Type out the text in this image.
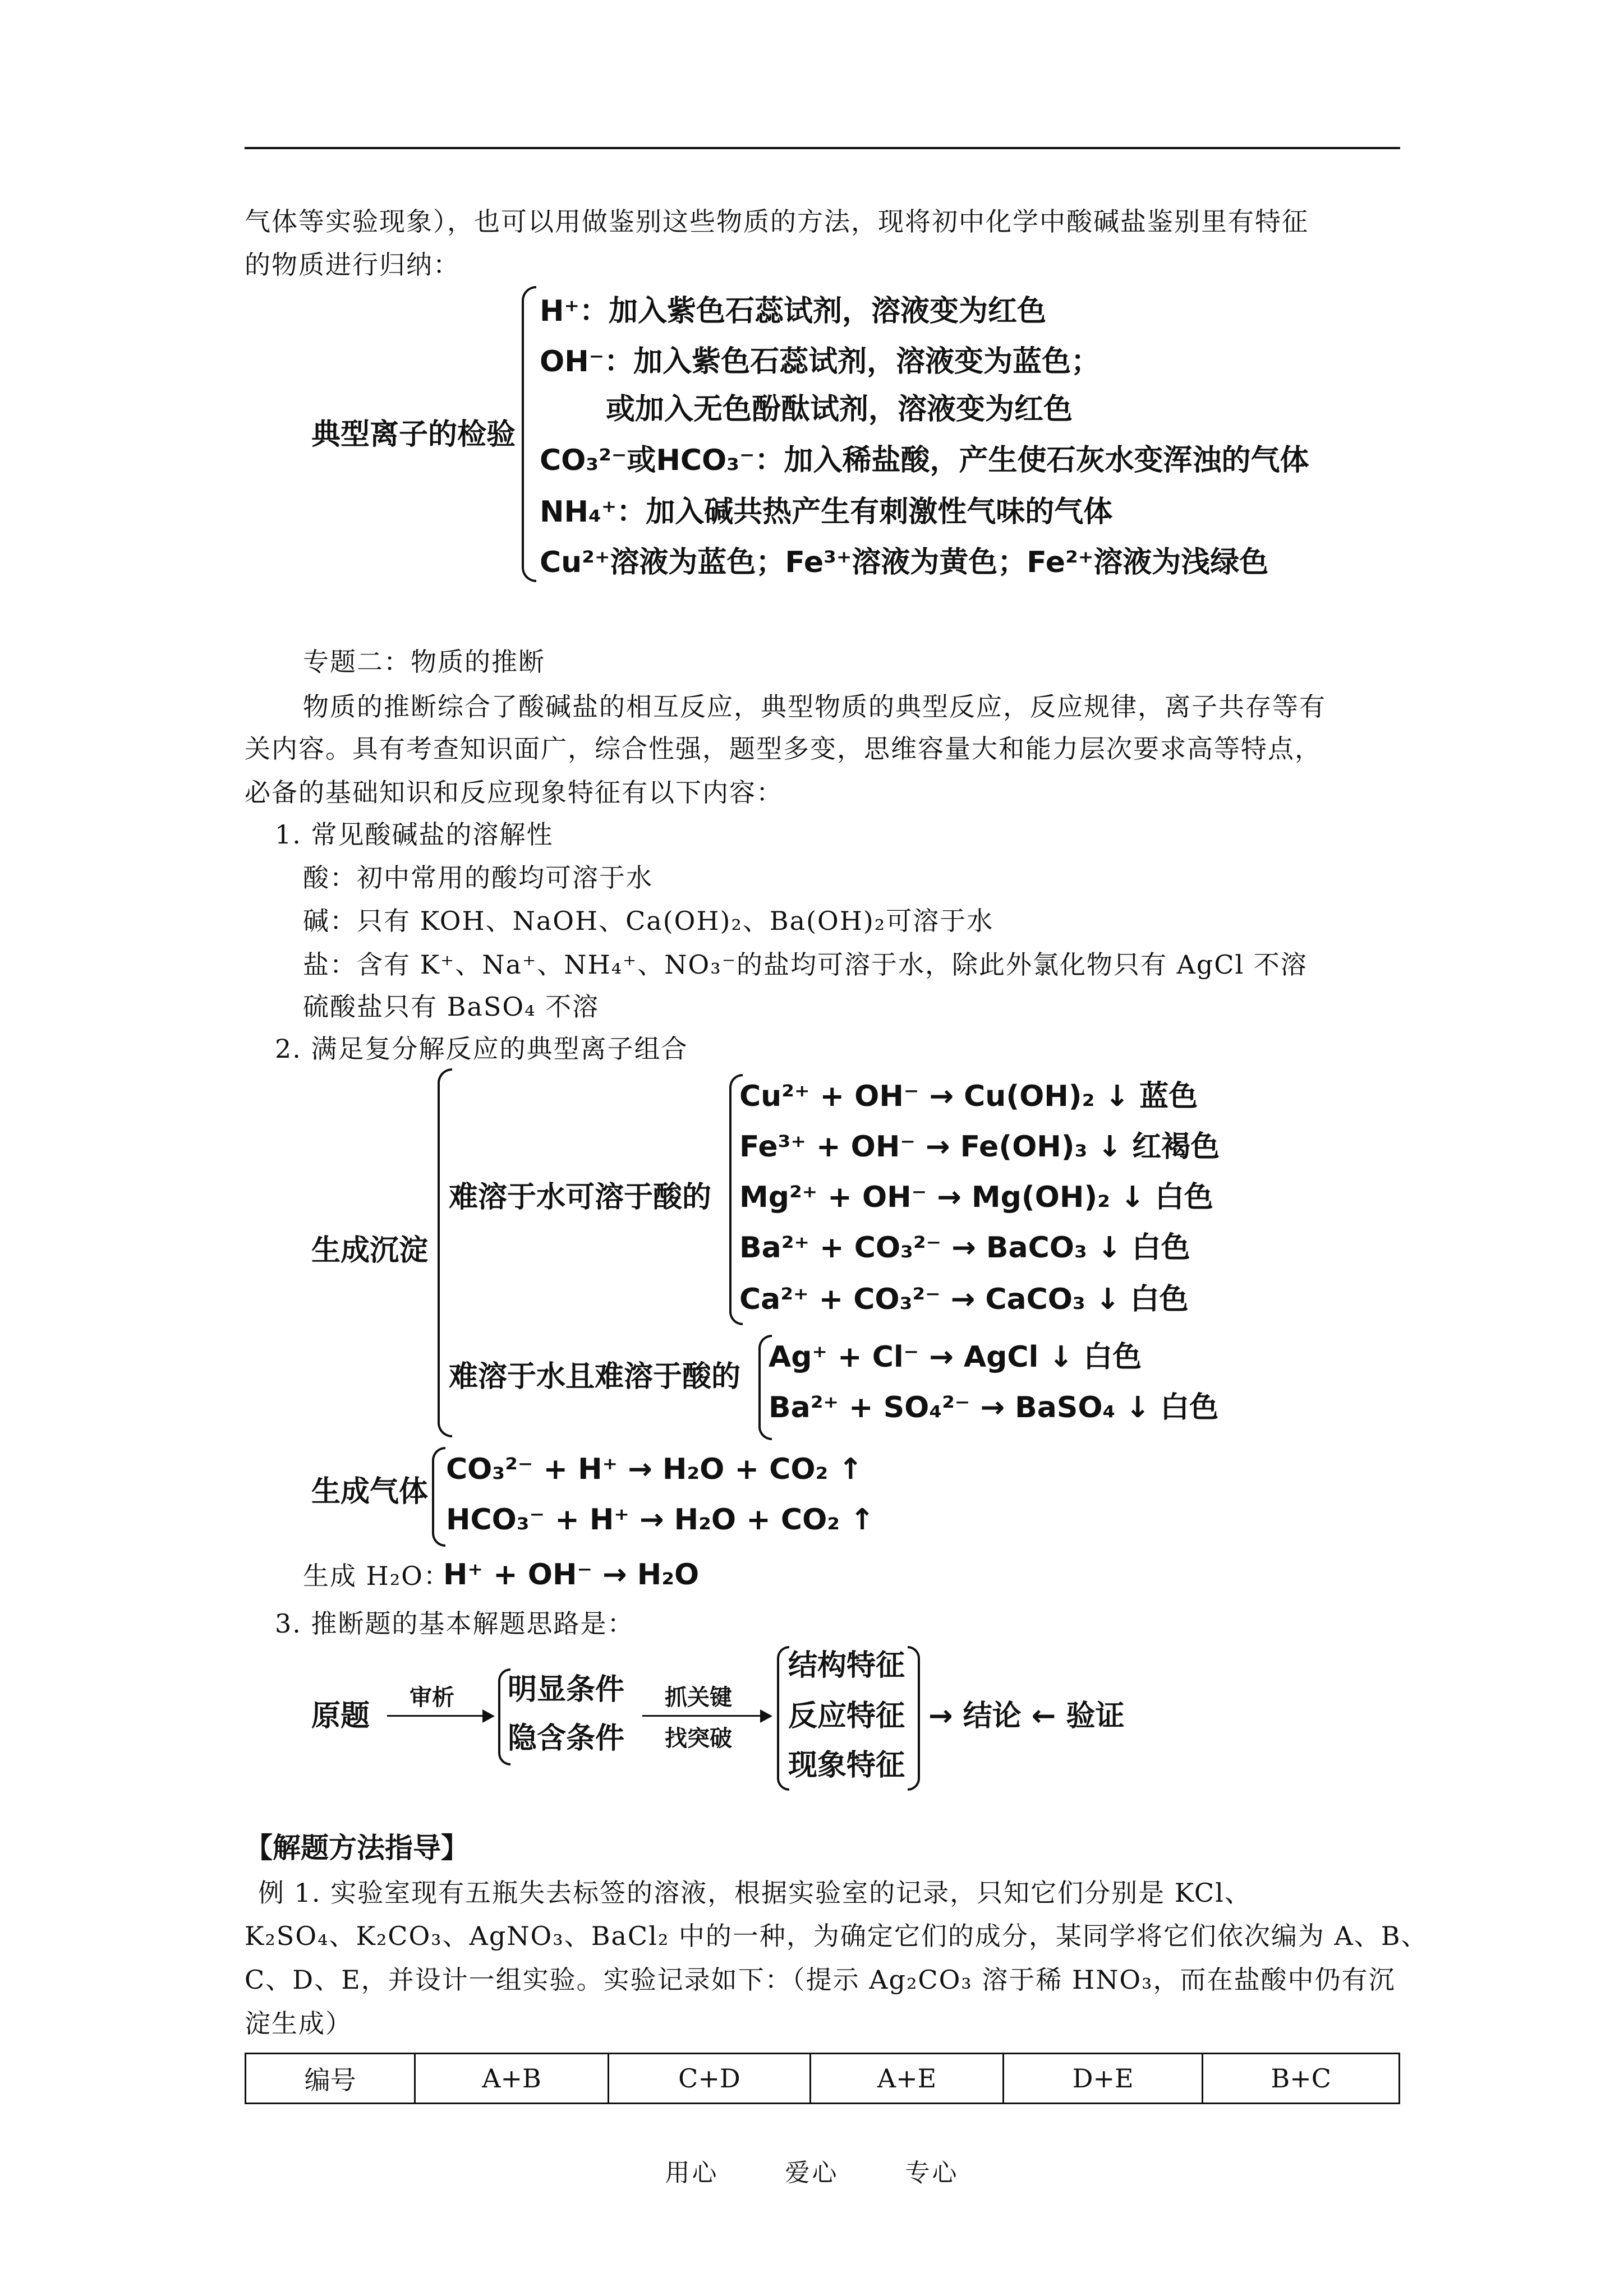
气体等实验现象），也可以用做鉴别这些物质的方法，现将初中化学中酸碱盐鉴别里有特征
的物质进行归纳：
典型离子的检验
H⁺：加入紫色石蕊试剂，溶液变为红色
OH⁻：加入紫色石蕊试剂，溶液变为蓝色；
或加入无色酚酞试剂，溶液变为红色
CO₃²⁻或HCO₃⁻：加入稀盐酸，产生使石灰水变浑浊的气体
NH₄⁺：加入碱共热产生有刺激性气味的气体
Cu²⁺溶液为蓝色；Fe³⁺溶液为黄色；Fe²⁺溶液为浅绿色
专题二：物质的推断
物质的推断综合了酸碱盐的相互反应，典型物质的典型反应，反应规律，离子共存等有
关内容。具有考查知识面广，综合性强，题型多变，思维容量大和能力层次要求高等特点，
必备的基础知识和反应现象特征有以下内容：
1. 常见酸碱盐的溶解性
酸：初中常用的酸均可溶于水
碱：只有 KOH、NaOH、Ca(OH)₂、Ba(OH)₂可溶于水
盐：含有 K⁺、Na⁺、NH₄⁺、NO₃⁻的盐均可溶于水，除此外氯化物只有 AgCl 不溶
硫酸盐只有 BaSO₄ 不溶
2. 满足复分解反应的典型离子组合
生成沉淀
难溶于水可溶于酸的
Cu²⁺ + OH⁻ → Cu(OH)₂ ↓ 蓝色
Fe³⁺ + OH⁻ → Fe(OH)₃ ↓ 红褐色
Mg²⁺ + OH⁻ → Mg(OH)₂ ↓ 白色
Ba²⁺ + CO₃²⁻ → BaCO₃ ↓ 白色
Ca²⁺ + CO₃²⁻ → CaCO₃ ↓ 白色
难溶于水且难溶于酸的
Ag⁺ + Cl⁻ → AgCl ↓ 白色
Ba²⁺ + SO₄²⁻ → BaSO₄ ↓ 白色
生成气体
CO₃²⁻ + H⁺ → H₂O + CO₂ ↑
HCO₃⁻ + H⁺ → H₂O + CO₂ ↑
生成 H₂O：
H⁺ + OH⁻ → H₂O
3. 推断题的基本解题思路是：
原题
审析 明显条件
隐含条件
抓关键
找突破
结构特征
反应特征
现象特征
→ 结论 ← 验证
【解题方法指导】
例 1. 实验室现有五瓶失去标签的溶液，根据实验室的记录，只知它们分别是 KCl、
K₂SO₄、K₂CO₃、AgNO₃、BaCl₂ 中的一种，为确定它们的成分，某同学将它们依次编为 A、B、
C、D、E，并设计一组实验。实验记录如下：（提示 Ag₂CO₃ 溶于稀 HNO₃，而在盐酸中仍有沉
淀生成）
编号	A+B	C+D	A+E	D+E	B+C
用心	爱心	专心
